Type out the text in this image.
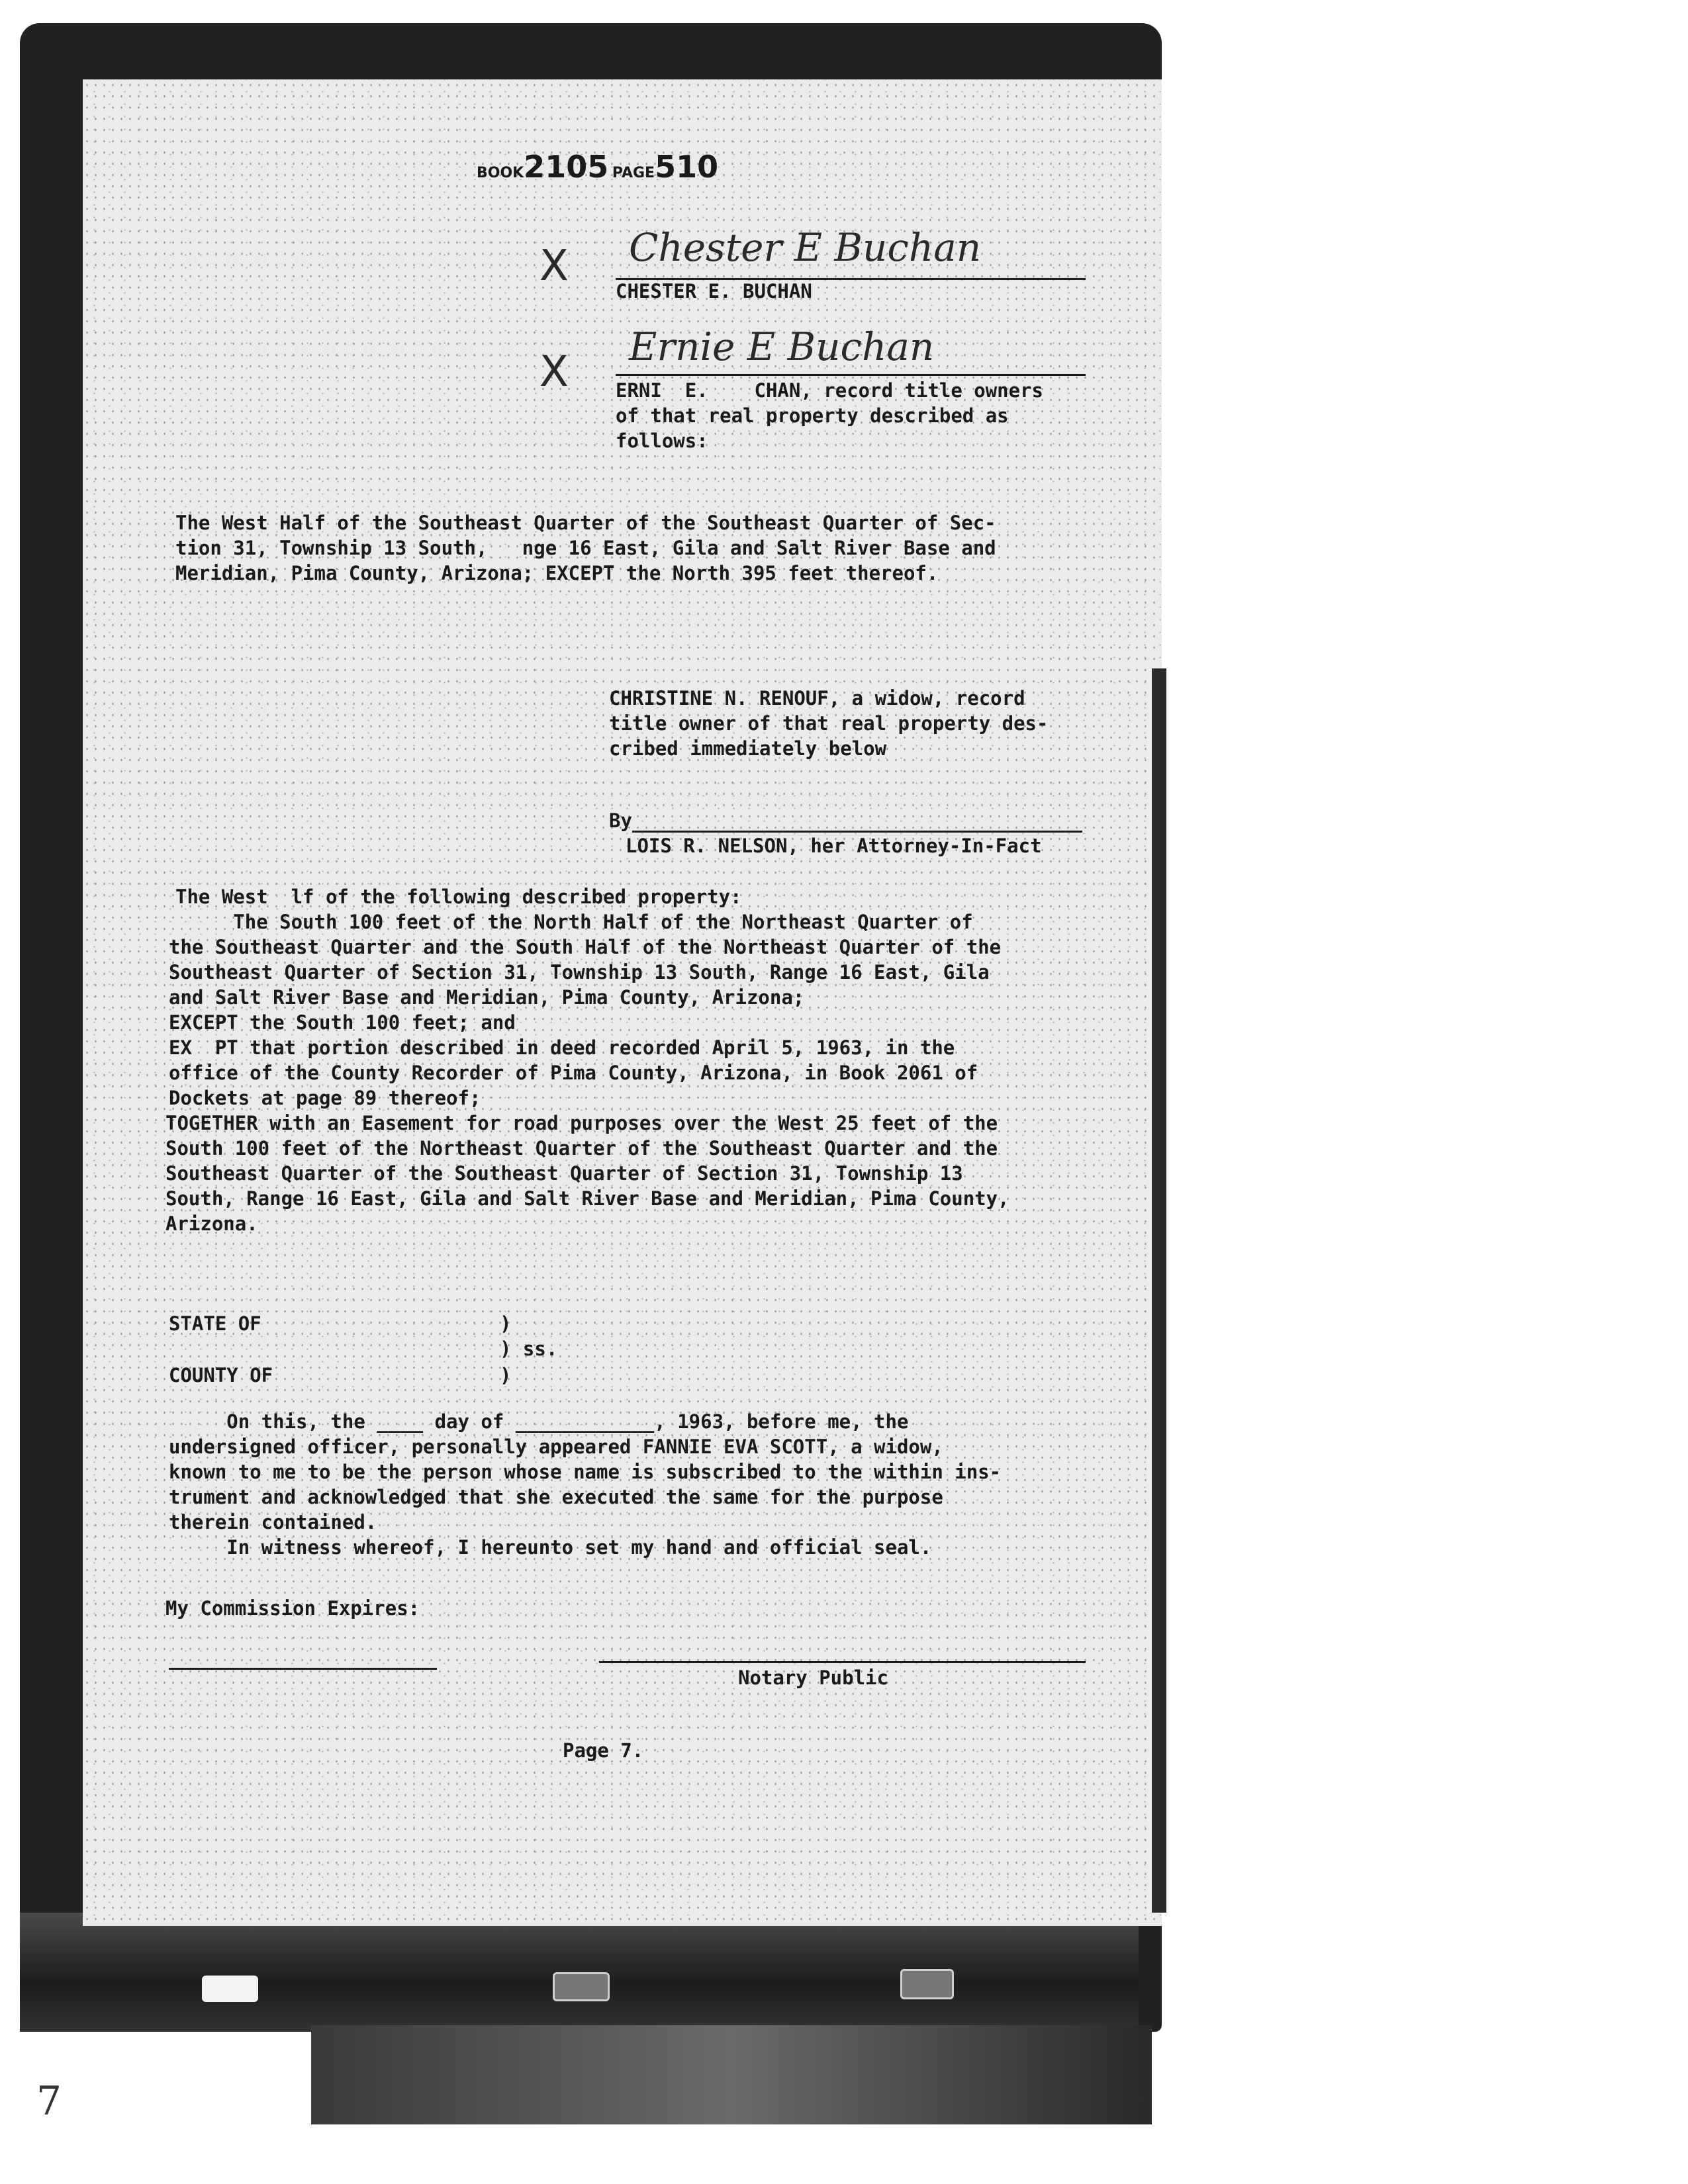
7
BOOK2105 PAGE510
X Chester E Buchan
CHESTER E. BUCHAN
X
Ernie E Buchan
ERNI  E.    CHAN, record title owners
of that real property described as
follows:
The West Half of the Southeast Quarter of the Southeast Quarter of Sec-
tion 31, Township 13 South,   nge 16 East, Gila and Salt River Base and
Meridian, Pima County, Arizona; EXCEPT the North 395 feet thereof.
CHRISTINE N. RENOUF, a widow, record
title owner of that real property des-
cribed immediately below
By
LOIS R. NELSON, her Attorney-In-Fact
The West  lf of the following described property:
The South 100 feet of the North Half of the Northeast Quarter of
the Southeast Quarter and the South Half of the Northeast Quarter of the
Southeast Quarter of Section 31, Township 13 South, Range 16 East, Gila
and Salt River Base and Meridian, Pima County, Arizona;
EXCEPT the South 100 feet; and
EX  PT that portion described in deed recorded April 5, 1963, in the
office of the County Recorder of Pima County, Arizona, in Book 2061 of
Dockets at page 89 thereof;
TOGETHER with an Easement for road purposes over the West 25 feet of the
South 100 feet of the Northeast Quarter of the Southeast Quarter and the
Southeast Quarter of the Southeast Quarter of Section 31, Township 13
South, Range 16 East, Gila and Salt River Base and Meridian, Pima County,
Arizona.
STATE OF	)
) ss.
COUNTY OF	)
On this, the ____ day of ____________, 1963, before me, the
undersigned officer, personally appeared FANNIE EVA SCOTT, a widow,
known to me to be the person whose name is subscribed to the within ins-
trument and acknowledged that she executed the same for the purpose
therein contained.
In witness whereof, I hereunto set my hand and official seal.
My Commission Expires:
Notary Public
Page 7.
